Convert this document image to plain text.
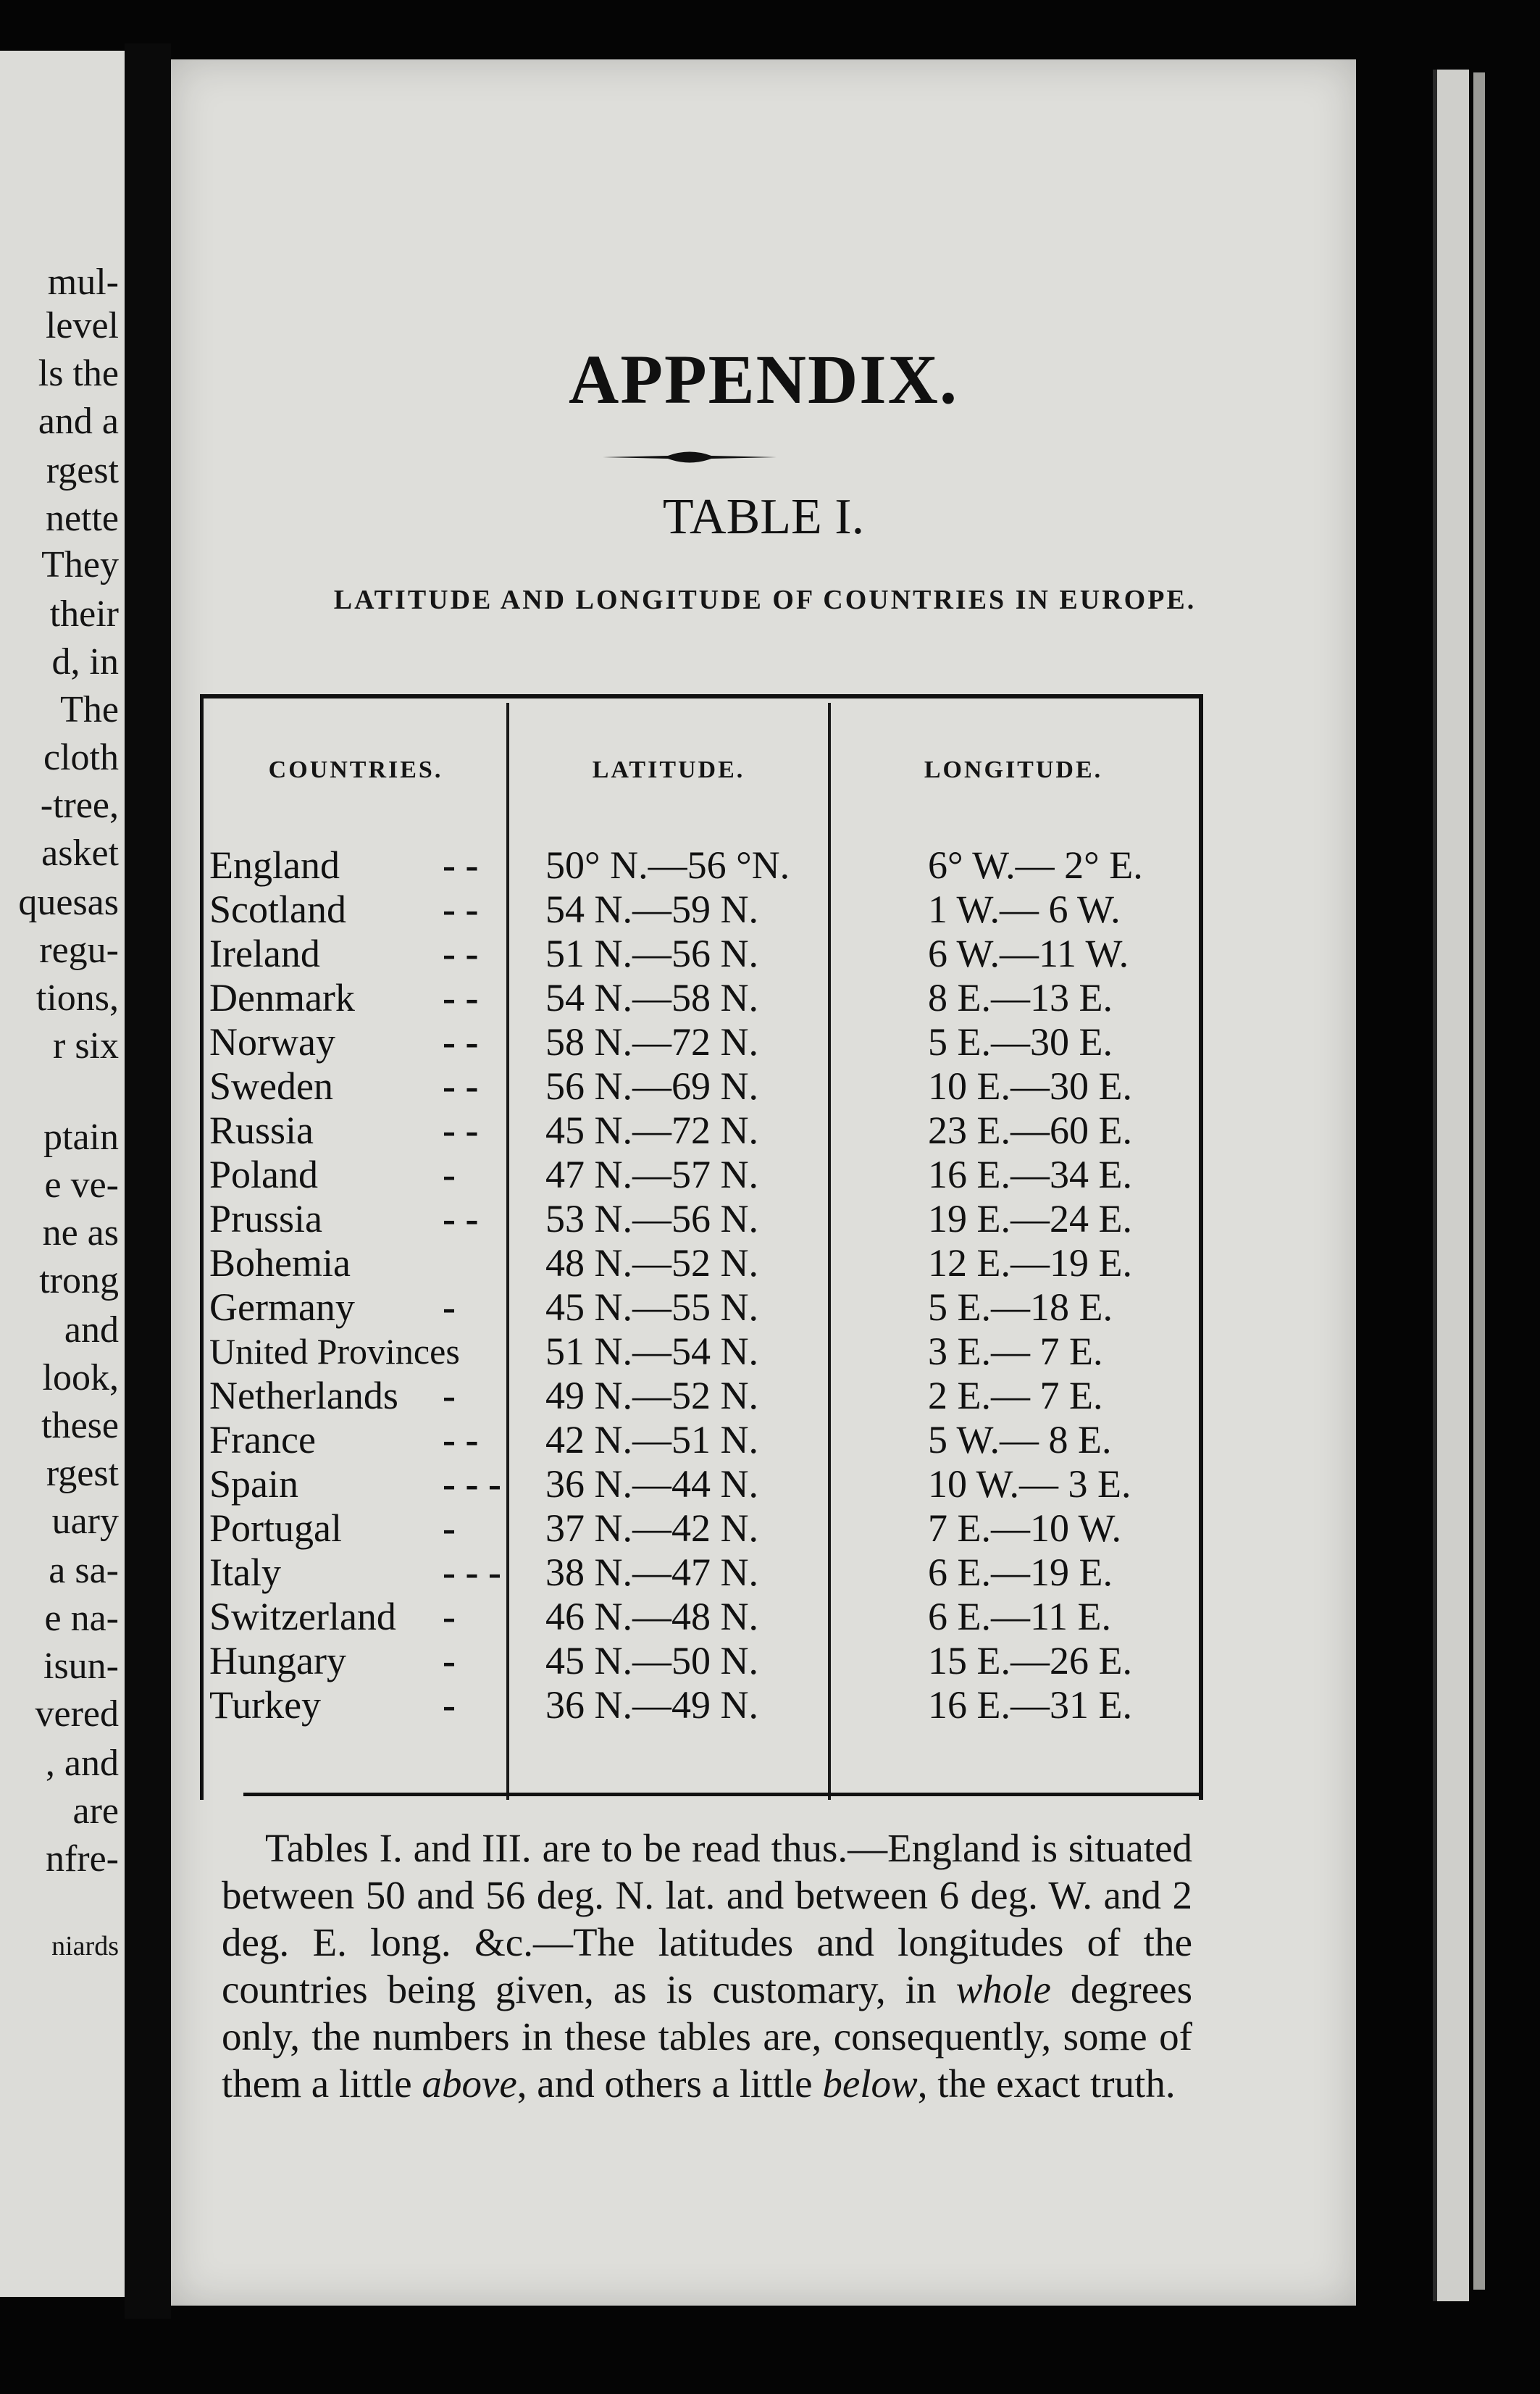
mul-
level
ls the
and a
rgest
nette
They
their
d, in
The
cloth
-tree,
asket
quesas
regu-
tions,
r six
ptain
e ve-
ne as
trong
and
look,
these
rgest
uary
a sa-
e na-
isun-
vered
, and
are
nfre-
niards
APPENDIX.
TABLE I.
LATITUDE AND LONGITUDE OF COUNTRIES IN EUROPE.
COUNTRIES.	LATITUDE.	LONGITUDE.
England	- - 50° N.—56 °N.	6° W.— 2° E.
Scotland - - 54 N.—59 N.	1 W.— 6 W.
Ireland	- - 51 N.—56 N.	6 W.—11 W.
Denmark - - 54 N.—58 N.	8 E.—13 E.
Norway	- - 58 N.—72 N.	5 E.—30 E.
Sweden	- - 56 N.—69 N.	10 E.—30 E.
Russia	- - 45 N.—72 N.	23 E.—60 E.
Poland	- 47 N.—57 N.	16 E.—34 E.
Prussia	- - 53 N.—56 N.	19 E.—24 E.
Bohemia	48 N.—52 N.	12 E.—19 E.
Germany - 45 N.—55 N.	5 E.—18 E.
United Provinces 51 N.—54 N.	3 E.— 7 E.
Netherlands - 49 N.—52 N.	2 E.— 7 E.
France	- - 42 N.—51 N.	5 W.— 8 E.
Spain	- - - 36 N.—44 N.	10 W.— 3 E.
Portugal	- 37 N.—42 N.	7 E.—10 W.
Italy	- - - 38 N.—47 N.	6 E.—19 E.
Switzerland - 46 N.—48 N.	6 E.—11 E.
Hungary - 45 N.—50 N.	15 E.—26 E.
Turkey	- 36 N.—49 N.	16 E.—31 E.

Tables I. and III. are to be read thus.—England is situated between 50 and 56 deg. N. lat. and between 6 deg. W. and 2 deg. E. long. &c.—The latitudes and longitudes of the countries being given, as is customary, in whole degrees only, the numbers in these tables are, consequently, some of them a little above, and others a little below, the exact truth.
